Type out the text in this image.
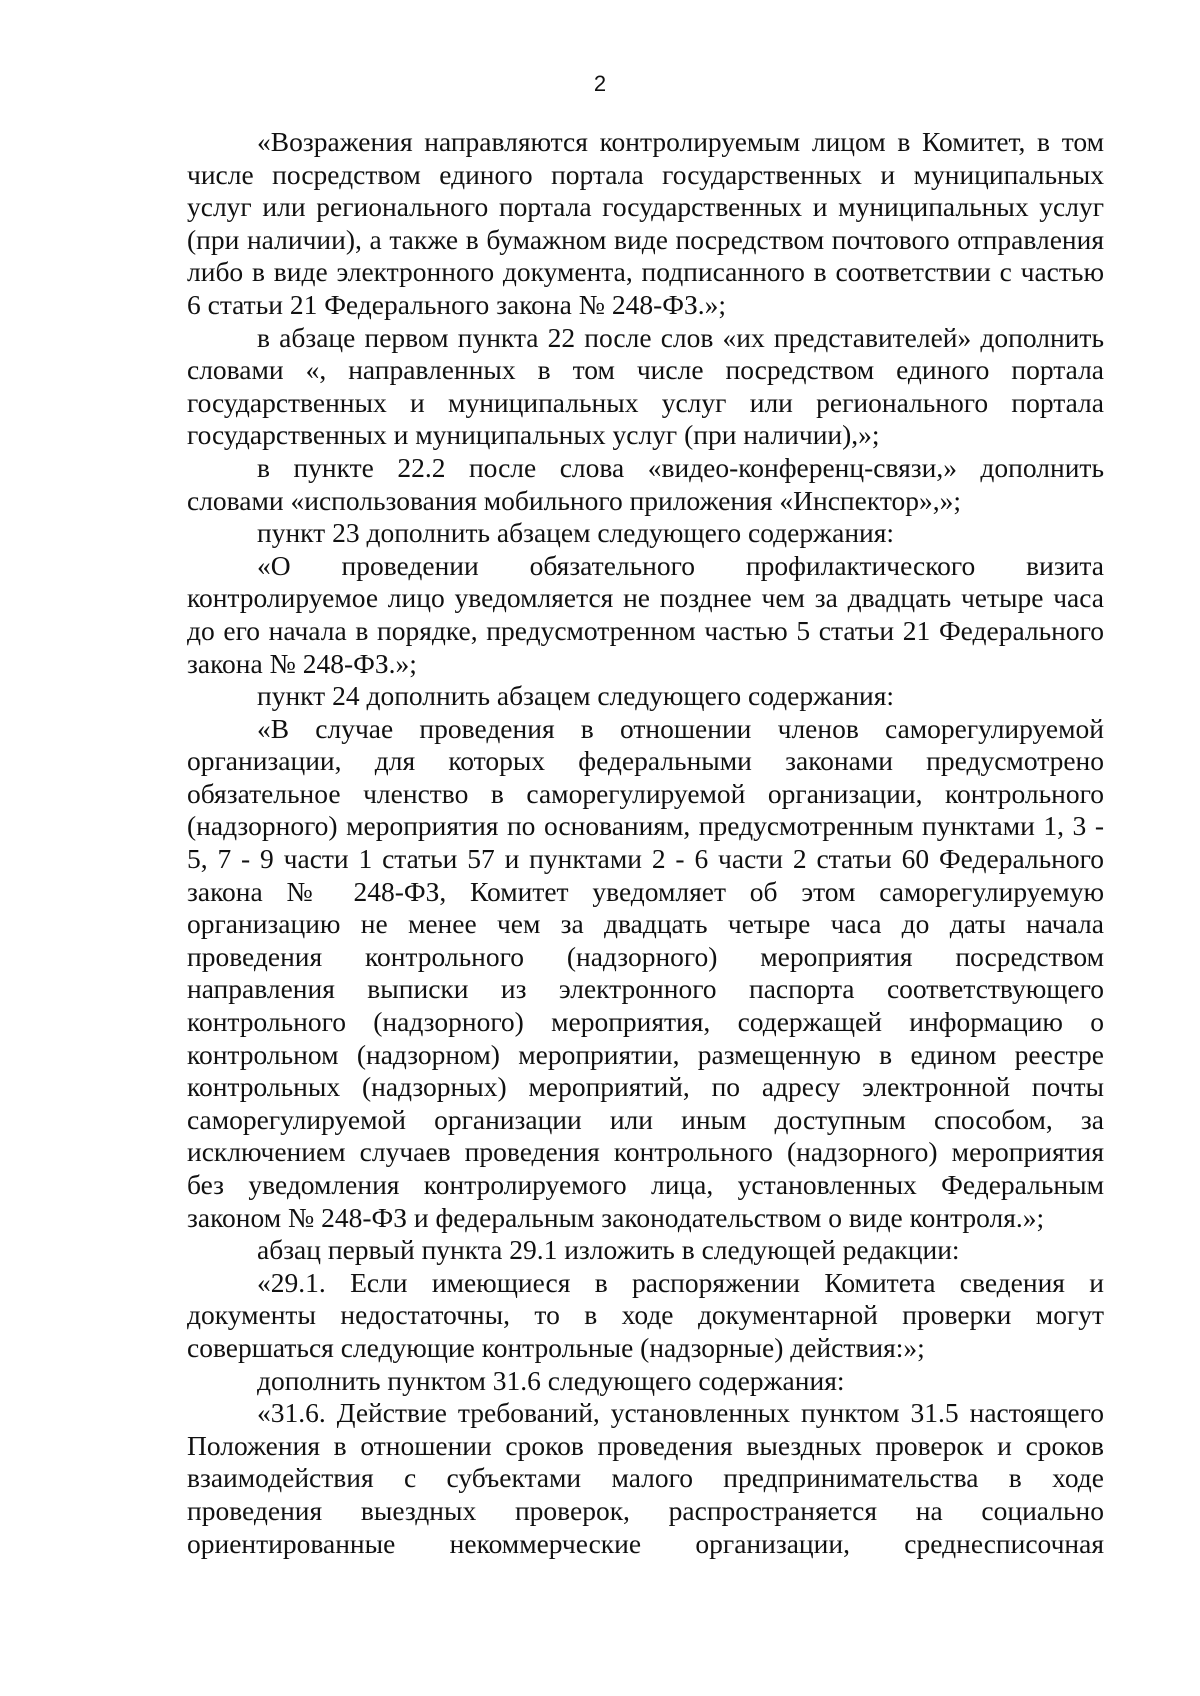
2

«Возражения направляются контролируемым лицом в Комитет, в том числе посредством единого портала государственных и муниципальных услуг или регионального портала государственных и муниципальных услуг (при наличии), а также в бумажном виде посредством почтового отправления либо в виде электронного документа, подписанного в соответствии с частью 6 статьи 21 Федерального закона № 248-ФЗ.»;

в абзаце первом пункта 22 после слов «их представителей» дополнить словами «, направленных в том числе посредством единого портала государственных и муниципальных услуг или регионального портала государственных и муниципальных услуг (при наличии),»;

в пункте 22.2 после слова «видео-конференц-связи,» дополнить словами «использования мобильного приложения «Инспектор»,»;

пункт 23 дополнить абзацем следующего содержания:

«О проведении обязательного профилактического визита контролируемое лицо уведомляется не позднее чем за двадцать четыре часа до его начала в порядке, предусмотренном частью 5 статьи 21 Федерального закона № 248-ФЗ.»;

пункт 24 дополнить абзацем следующего содержания:

«В случае проведения в отношении членов саморегулируемой организации, для которых федеральными законами предусмотрено обязательное членство в саморегулируемой организации, контрольного (надзорного) мероприятия по основаниям, предусмотренным пунктами 1, 3 - 5, 7 - 9 части 1 статьи 57 и пунктами 2 - 6 части 2 статьи 60 Федерального закона № 248-ФЗ, Комитет уведомляет об этом саморегулируемую организацию не менее чем за двадцать четыре часа до даты начала проведения контрольного (надзорного) мероприятия посредством направления выписки из электронного паспорта соответствующего контрольного (надзорного) мероприятия, содержащей информацию о контрольном (надзорном) мероприятии, размещенную в едином реестре контрольных (надзорных) мероприятий, по адресу электронной почты саморегулируемой организации или иным доступным способом, за исключением случаев проведения контрольного (надзорного) мероприятия без уведомления контролируемого лица, установленных Федеральным законом № 248-ФЗ и федеральным законодательством о виде контроля.»;

абзац первый пункта 29.1 изложить в следующей редакции:

«29.1. Если имеющиеся в распоряжении Комитета сведения и документы недостаточны, то в ходе документарной проверки могут совершаться следующие контрольные (надзорные) действия:»;

дополнить пунктом 31.6 следующего содержания:

«31.6. Действие требований, установленных пунктом 31.5 настоящего Положения в отношении сроков проведения выездных проверок и сроков взаимодействия с субъектами малого предпринимательства в ходе проведения выездных проверок, распространяется на социально ориентированные некоммерческие организации, среднесписочная
